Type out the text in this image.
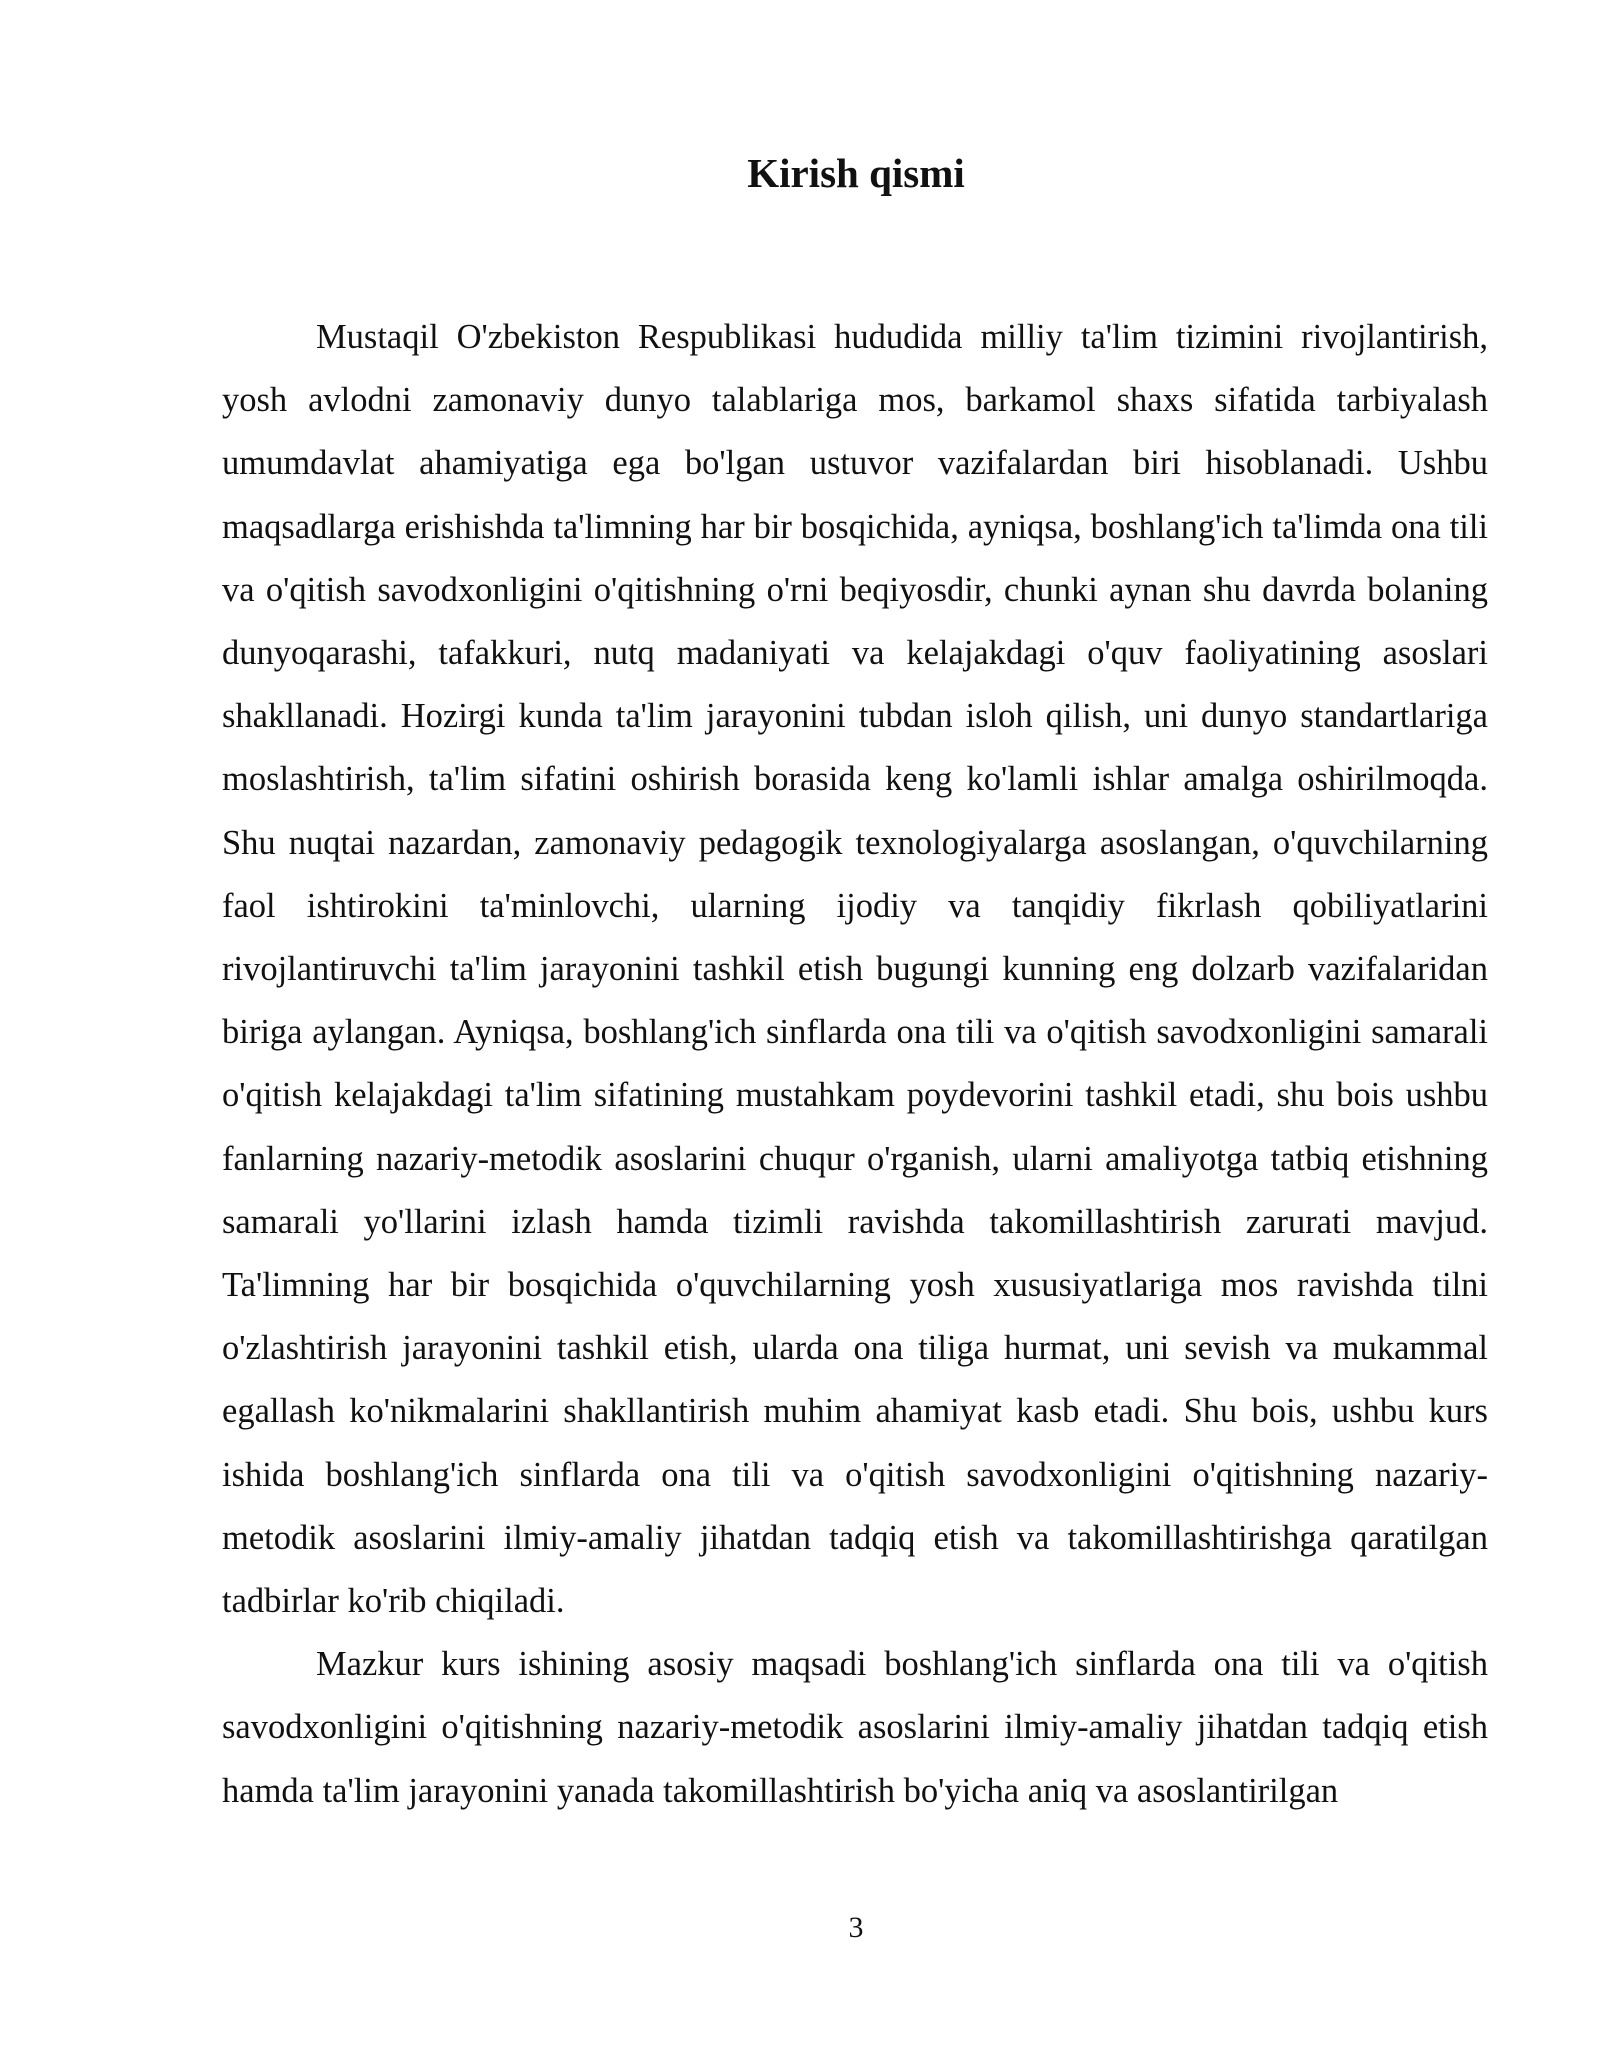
Kirish qismi

Mustaqil O'zbekiston Respublikasi hududida milliy ta'lim tizimini rivojlantirish, yosh avlodni zamonaviy dunyo talablariga mos, barkamol shaxs sifatida tarbiyalash umumdavlat ahamiyatiga ega bo'lgan ustuvor vazifalardan biri hisoblanadi. Ushbu maqsadlarga erishishda ta'limning har bir bosqichida, ayniqsa, boshlang'ich ta'limda ona tili va o'qitish savodxonligini o'qitishning o'rni beqiyosdir, chunki aynan shu davrda bolaning dunyoqarashi, tafakkuri, nutq madaniyati va kelajakdagi o'quv faoliyatining asoslari shakllanadi. Hozirgi kunda ta'lim jarayonini tubdan isloh qilish, uni dunyo standartlariga moslashtirish, ta'lim sifatini oshirish borasida keng ko'lamli ishlar amalga oshirilmoqda. Shu nuqtai nazardan, zamonaviy pedagogik texnologiyalarga asoslangan, o'quvchilarning faol ishtirokini ta'minlovchi, ularning ijodiy va tanqidiy fikrlash qobiliyatlarini rivojlantiruvchi ta'lim jarayonini tashkil etish bugungi kunning eng dolzarb vazifalaridan biriga aylangan. Ayniqsa, boshlang'ich sinflarda ona tili va o'qitish savodxonligini samarali o'qitish kelajakdagi ta'lim sifatining mustahkam poydevorini tashkil etadi, shu bois ushbu fanlarning nazariy-metodik asoslarini chuqur o'rganish, ularni amaliyotga tatbiq etishning samarali yo'llarini izlash hamda tizimli ravishda takomillashtirish zarurati mavjud. Ta'limning har bir bosqichida o'quvchilarning yosh xususiyatlariga mos ravishda tilni o'zlashtirish jarayonini tashkil etish, ularda ona tiliga hurmat, uni sevish va mukammal egallash ko'nikmalarini shakllantirish muhim ahamiyat kasb etadi. Shu bois, ushbu kurs ishida boshlang'ich sinflarda ona tili va o'qitish savodxonligini o'qitishning nazariy-metodik asoslarini ilmiy-amaliy jihatdan tadqiq etish va takomillashtirishga qaratilgan tadbirlar ko'rib chiqiladi.

Mazkur kurs ishining asosiy maqsadi boshlang'ich sinflarda ona tili va o'qitish savodxonligini o'qitishning nazariy-metodik asoslarini ilmiy-amaliy jihatdan tadqiq etish hamda ta'lim jarayonini yanada takomillashtirish bo'yicha aniq va asoslantirilgan

3
